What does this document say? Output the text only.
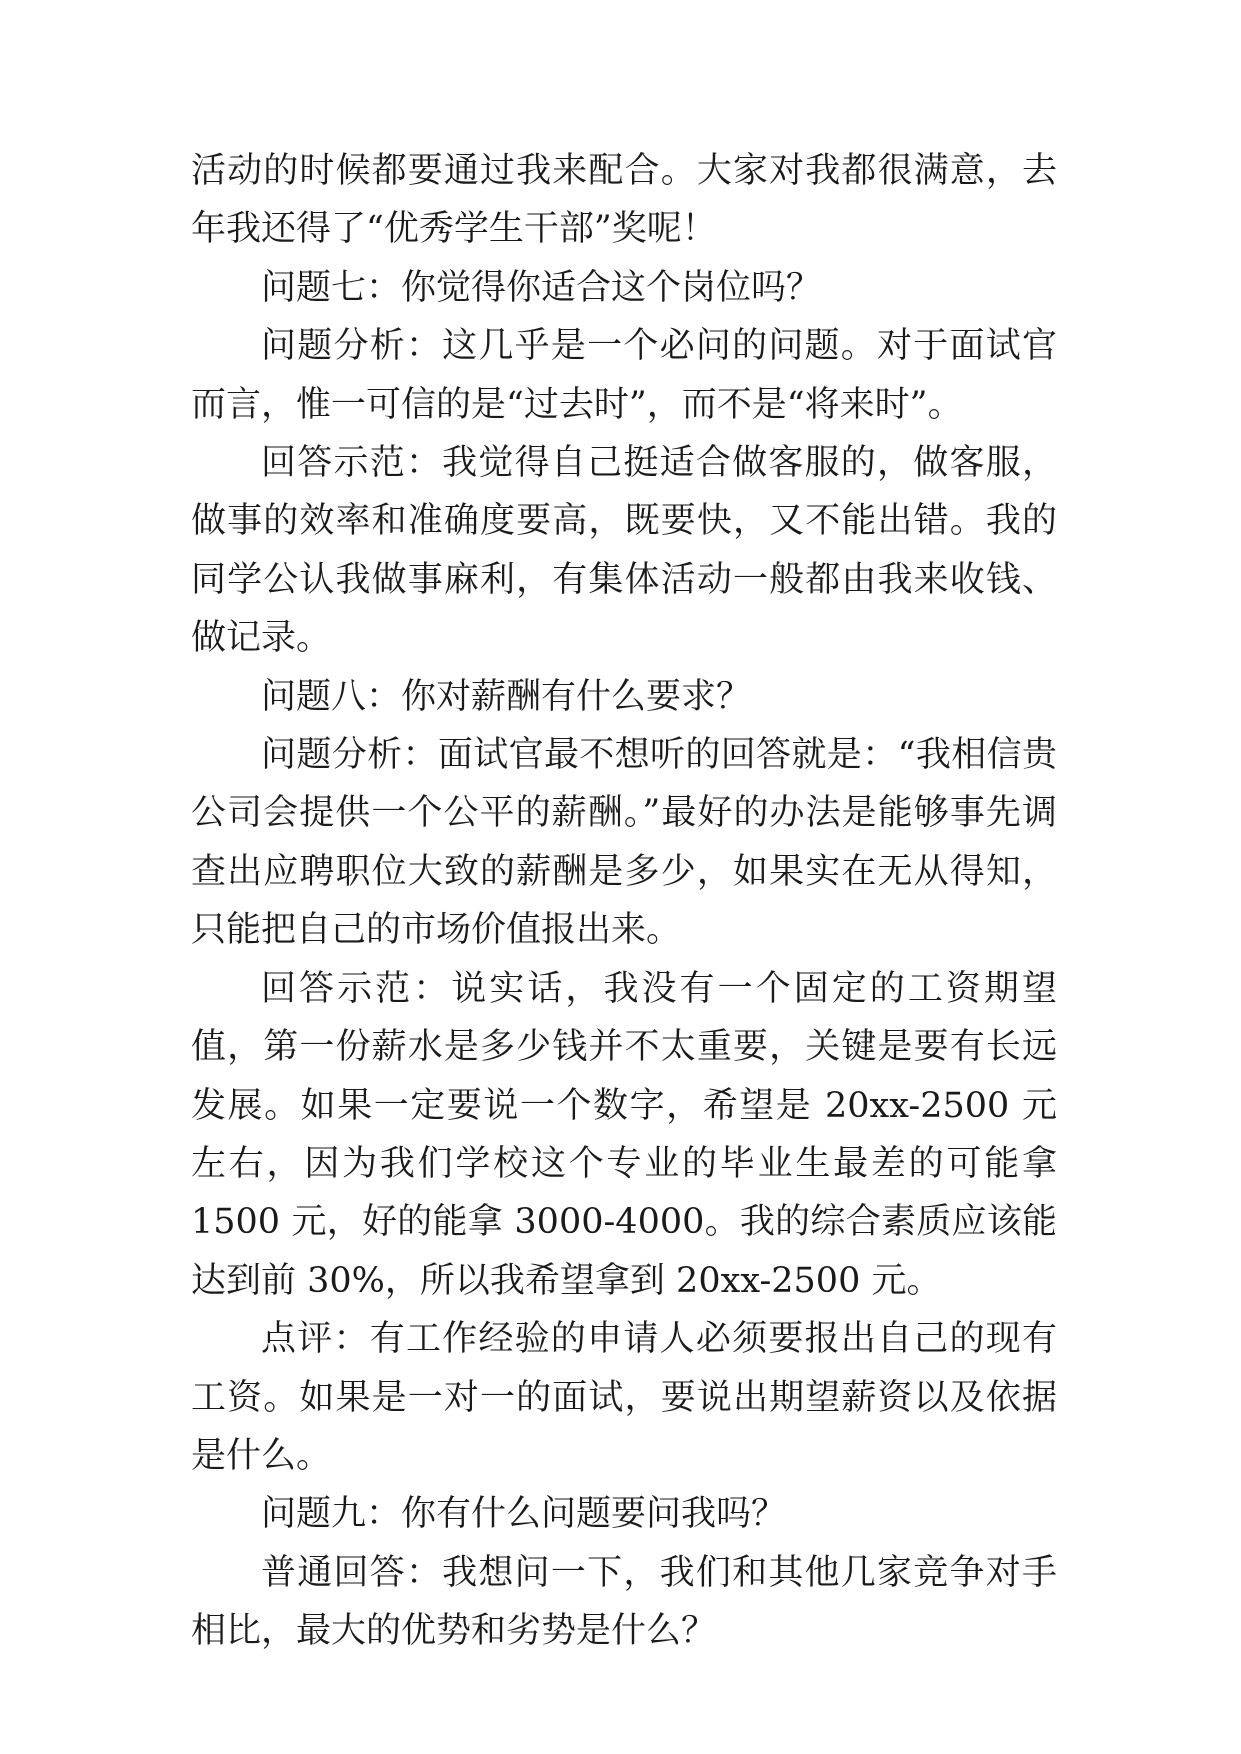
活动的时候都要通过我来配合。大家对我都很满意，去年我还得了“优秀学生干部”奖呢！

问题七：你觉得你适合这个岗位吗？

问题分析：这几乎是一个必问的问题。对于面试官而言，惟一可信的是“过去时”，而不是“将来时”。

回答示范：我觉得自己挺适合做客服的，做客服，做事的效率和准确度要高，既要快，又不能出错。我的同学公认我做事麻利，有集体活动一般都由我来收钱、做记录。

问题八：你对薪酬有什么要求？

问题分析：面试官最不想听的回答就是：“我相信贵公司会提供一个公平的薪酬。”最好的办法是能够事先调查出应聘职位大致的薪酬是多少，如果实在无从得知，只能把自己的市场价值报出来。

回答示范：说实话，我没有一个固定的工资期望值，第一份薪水是多少钱并不太重要，关键是要有长远发展。如果一定要说一个数字，希望是 20xx-2500 元左右，因为我们学校这个专业的毕业生最差的可能拿 1500 元，好的能拿 3000-4000。我的综合素质应该能达到前 30%，所以我希望拿到 20xx-2500 元。

点评：有工作经验的申请人必须要报出自己的现有工资。如果是一对一的面试，要说出期望薪资以及依据是什么。

问题九：你有什么问题要问我吗？

普通回答：我想问一下，我们和其他几家竞争对手相比，最大的优势和劣势是什么？
